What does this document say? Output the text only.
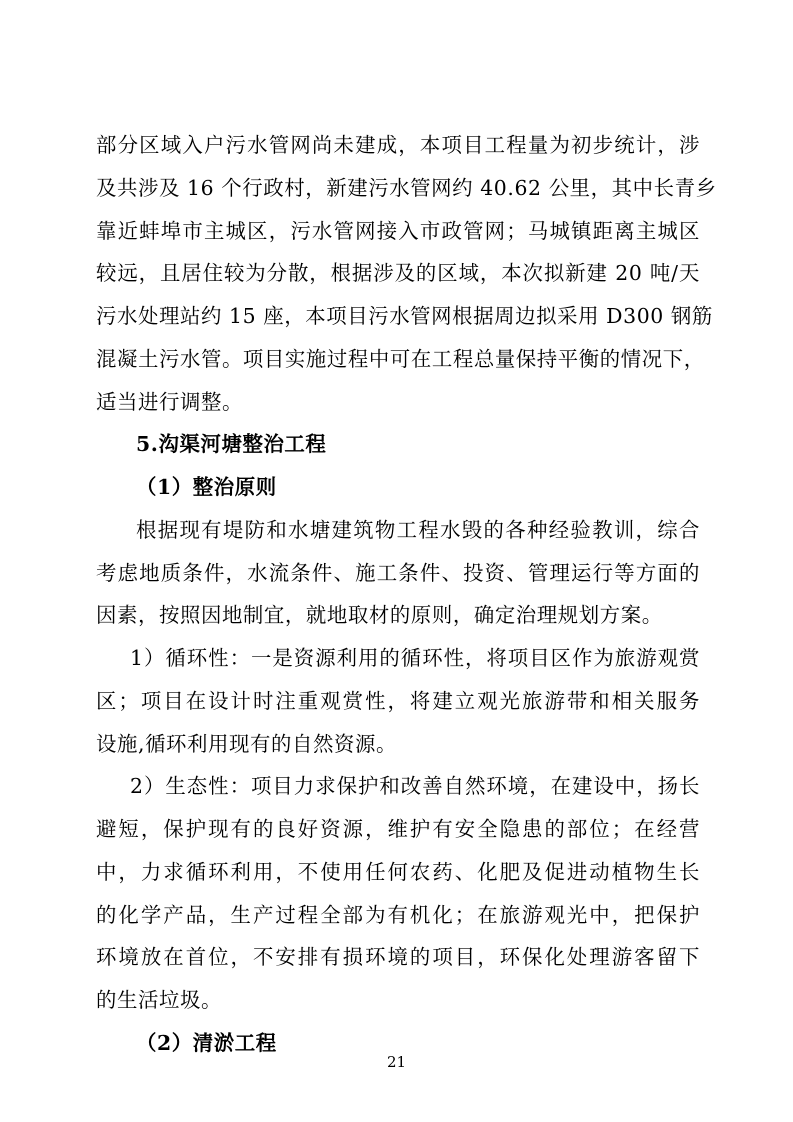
部分区域入户污水管网尚未建成，本项目工程量为初步统计，涉
及共涉及 16 个行政村，新建污水管网约 40.62 公里，其中长青乡
靠近蚌埠市主城区，污水管网接入市政管网；马城镇距离主城区
较远，且居住较为分散，根据涉及的区域，本次拟新建 20 吨/天
污水处理站约 15 座，本项目污水管网根据周边拟采用 D300 钢筋
混凝土污水管。项目实施过程中可在工程总量保持平衡的情况下，
适当进行调整。
5.沟渠河塘整治工程
（1）整治原则
根据现有堤防和水塘建筑物工程水毁的各种经验教训，综合
考虑地质条件，水流条件、施工条件、投资、管理运行等方面的
因素，按照因地制宜，就地取材的原则，确定治理规划方案。
1）循环性：一是资源利用的循环性，将项目区作为旅游观赏
区；项目在设计时注重观赏性，将建立观光旅游带和相关服务
设施,循环利用现有的自然资源。
2）生态性：项目力求保护和改善自然环境，在建设中，扬长
避短，保护现有的良好资源，维护有安全隐患的部位；在经营
中，力求循环利用，不使用任何农药、化肥及促进动植物生长
的化学产品，生产过程全部为有机化；在旅游观光中，把保护
环境放在首位，不安排有损环境的项目，环保化处理游客留下
的生活垃圾。
（2）清淤工程
21
